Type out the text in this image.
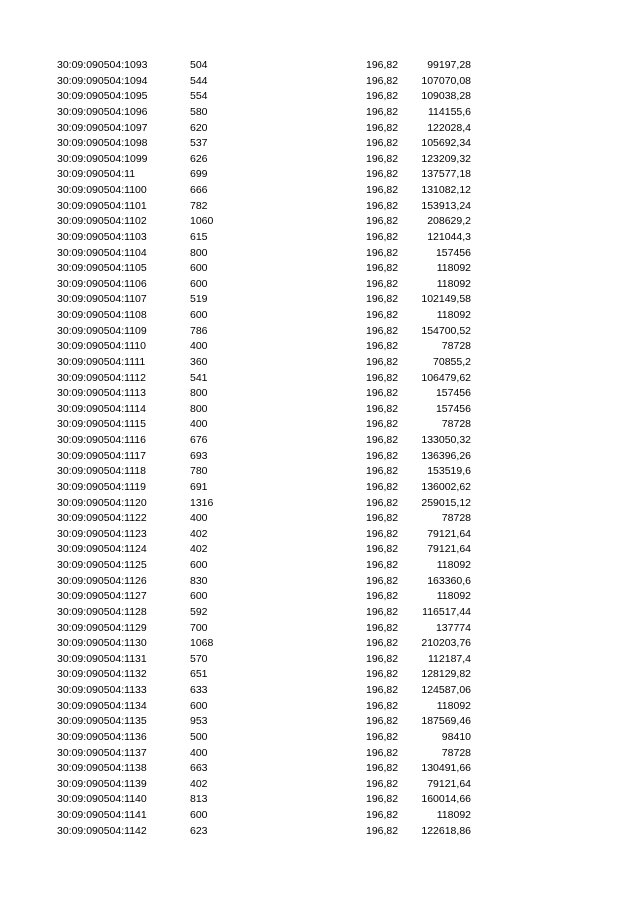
30:09:090504:1093	504	196,82	99197,28
30:09:090504:1094	544	196,82 107070,08
30:09:090504:1095	554	196,82 109038,28
30:09:090504:1096	580	196,82	114155,6
30:09:090504:1097	620	196,82	122028,4
30:09:090504:1098	537	196,82 105692,34
30:09:090504:1099	626	196,82 123209,32
30:09:090504:11	699	196,82 137577,18
30:09:090504:1100	666	196,82 131082,12
30:09:090504:1101	782	196,82 153913,24
30:09:090504:1102	1060	196,82	208629,2
30:09:090504:1103	615	196,82	121044,3
30:09:090504:1104	800	196,82	157456
30:09:090504:1105	600	196,82	118092
30:09:090504:1106	600	196,82	118092
30:09:090504:1107	519	196,82 102149,58
30:09:090504:1108	600	196,82	118092
30:09:090504:1109	786	196,82 154700,52
30:09:090504:1110	400	196,82	78728
30:09:090504:1111	360	196,82	70855,2
30:09:090504:1112	541	196,82 106479,62
30:09:090504:1113	800	196,82	157456
30:09:090504:1114	800	196,82	157456
30:09:090504:1115	400	196,82	78728
30:09:090504:1116	676	196,82 133050,32
30:09:090504:1117	693	196,82 136396,26
30:09:090504:1118	780	196,82	153519,6
30:09:090504:1119	691	196,82 136002,62
30:09:090504:1120	1316	196,82 259015,12
30:09:090504:1122	400	196,82	78728
30:09:090504:1123	402	196,82	79121,64
30:09:090504:1124	402	196,82	79121,64
30:09:090504:1125	600	196,82	118092
30:09:090504:1126	830	196,82	163360,6
30:09:090504:1127	600	196,82	118092
30:09:090504:1128	592	196,82 116517,44
30:09:090504:1129	700	196,82	137774
30:09:090504:1130	1068	196,82 210203,76
30:09:090504:1131	570	196,82	112187,4
30:09:090504:1132	651	196,82 128129,82
30:09:090504:1133	633	196,82 124587,06
30:09:090504:1134	600	196,82	118092
30:09:090504:1135	953	196,82 187569,46
30:09:090504:1136	500	196,82	98410
30:09:090504:1137	400	196,82	78728
30:09:090504:1138	663	196,82 130491,66
30:09:090504:1139	402	196,82	79121,64
30:09:090504:1140	813	196,82 160014,66
30:09:090504:1141	600	196,82	118092
30:09:090504:1142	623	196,82 122618,86
